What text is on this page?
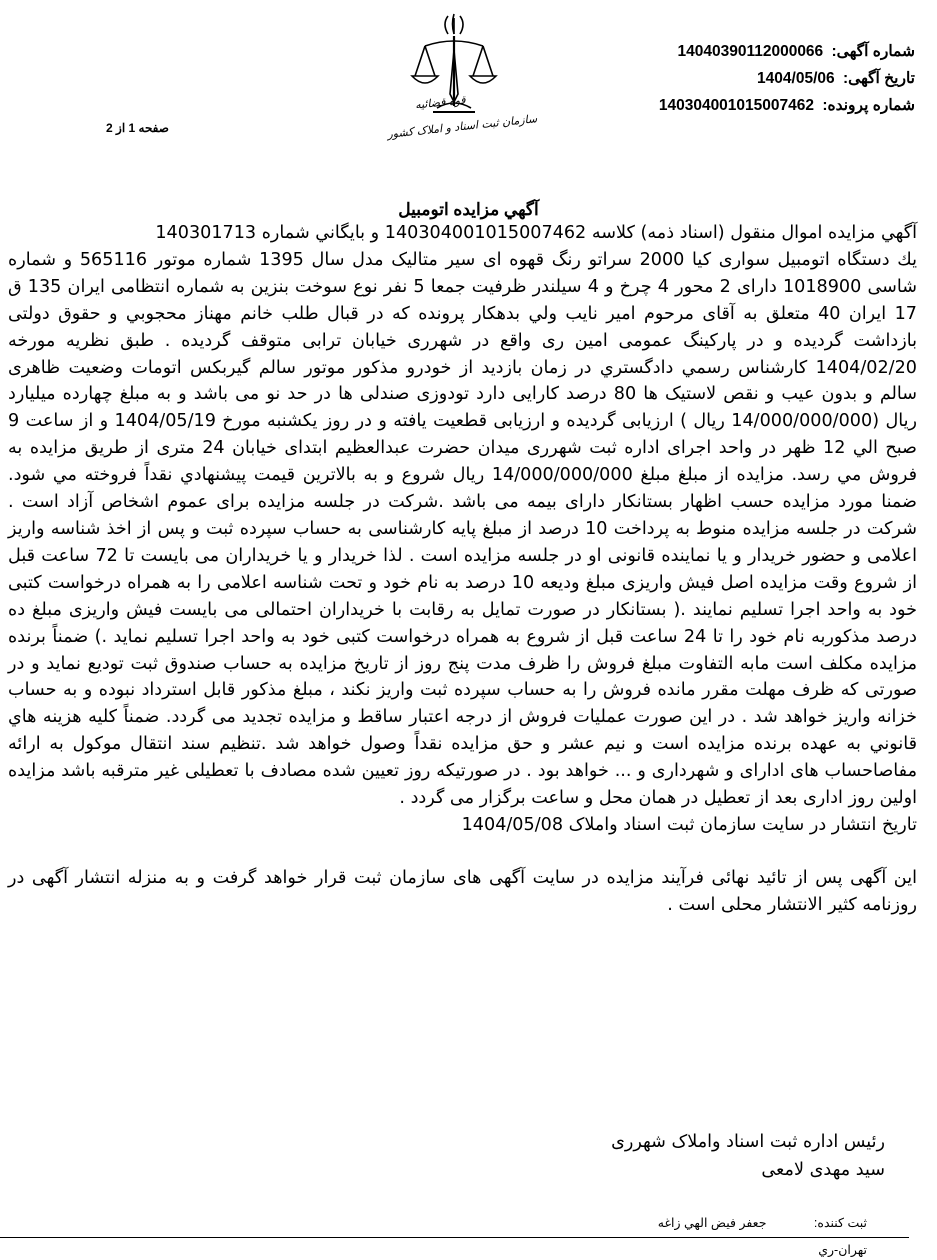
قوه قضائیه
سازمان ثبت اسناد و املاک کشور
شماره آگهی: 14040390112000066
تاریخ آگهی: 1404/05/06
شماره پرونده: 140304001015007462
صفحه 1 از 2
آگهي مزايده اتومبيل

آگهي مزايده اموال منقول (اسناد ذمه) كلاسه 140304001015007462 و بايگاني شماره 140301713

يك دستگاه اتومبيل سواری کیا 2000 سراتو رنگ قهوه ای سیر متالیک مدل سال 1395 شماره موتور 565116 و شماره شاسی 1018900 دارای 2 محور 4 چرخ و 4 سیلندر ظرفیت جمعا 5 نفر نوع سوخت بنزین به شماره انتظامی ایران 135 ق 17 ایران 40 متعلق به آقای مرحوم امير نايب ولي بدهكار پرونده كه در قبال طلب خانم مهناز محجوبي و حقوق دولتی بازداشت گرديده و در پارکینگ عمومی امین ری واقع در شهرری خیابان ترابی متوقف گرديده . طبق نظريه مورخه 1404/02/20 كارشناس رسمي دادگستري در زمان بازدید از خودرو مذکور موتور سالم گیربکس اتومات وضعیت ظاهری سالم و بدون عیب و نقص لاستیک ها 80 درصد کارایی دارد تودوزی صندلی ها در حد نو می باشد و به مبلغ چهارده میلیارد ريال (14/000/000/000 ريال ) ارزيابی گرديده و ارزيابی قطعيت يافته و در روز يكشنبه مورخ 1404/05/19 و از ساعت 9 صبح الي 12 ظهر در واحد اجرای اداره ثبت شهرری میدان حضرت عبدالعظیم ابتدای خیابان 24 متری از طريق مزايده به فروش مي رسد. مزايده از مبلغ مبلغ 14/000/000/000 ريال شروع و به بالاترين قيمت پيشنهادي نقداً فروخته مي شود. ضمنا مورد مزايده حسب اظهار بستانکار دارای بیمه می باشد .شرکت در جلسه مزایده برای عموم اشخاص آزاد است . شرکت در جلسه مزایده منوط به پرداخت 10 درصد از مبلغ پایه کارشناسی به حساب سپرده ثبت و پس از اخذ شناسه واریز اعلامی و حضور خریدار و یا نماینده قانونی او در جلسه مزایده است . لذا خریدار و یا خریداران می بایست تا 72 ساعت قبل از شروع وقت مزایده اصل فیش واریزی مبلغ ودیعه 10 درصد به نام خود و تحت شناسه اعلامی را به همراه درخواست کتبی خود به واحد اجرا تسلیم نمایند .( بستانکار در صورت تمایل به رقابت با خریداران احتمالی می بایست فیش واریزی مبلغ ده درصد مذکوربه نام خود را تا 24 ساعت قبل از شروع به همراه درخواست کتبی خود به واحد اجرا تسلیم نماید .) ضمناً برنده مزایده مکلف است مابه التفاوت مبلغ فروش را ظرف مدت پنج روز از تاریخ مزایده به حساب صندوق ثبت تودیع نماید و در صورتی که ظرف مهلت مقرر مانده فروش را به حساب سپرده ثبت واریز نکند ، مبلغ مذکور قابل استرداد نبوده و به حساب خزانه واریز خواهد شد . در این صورت عملیات فروش از درجه اعتبار ساقط و مزایده تجدید می گردد. ضمناً كليه هزينه هاي قانوني به عهده برنده مزايده است و نيم عشر و حق مزايده نقداً وصول خواهد شد .تنظیم سند انتقال موکول به ارائه مفاصاحساب های ادارای و شهرداری و ... خواهد بود . در صورتيكه روز تعيين شده مصادف با تعطيلی غير مترقبه باشد مزايده اولين روز اداری بعد از تعطيل در همان محل و ساعت برگزار می گردد .

تاریخ انتشار در سایت سازمان ثبت اسناد واملاک 1404/05/08

این آگهی پس از تائید نهائی فرآیند مزایده در سایت آگهی های سازمان ثبت قرار خواهد گرفت و به منزله انتشار آگهی در روزنامه کثیر الانتشار محلی است .

رئیس اداره ثبت اسناد واملاک شهرری
سید مهدی لامعی
ثبت كننده: جعفر فيض الهي زاغه
تهران-ري
